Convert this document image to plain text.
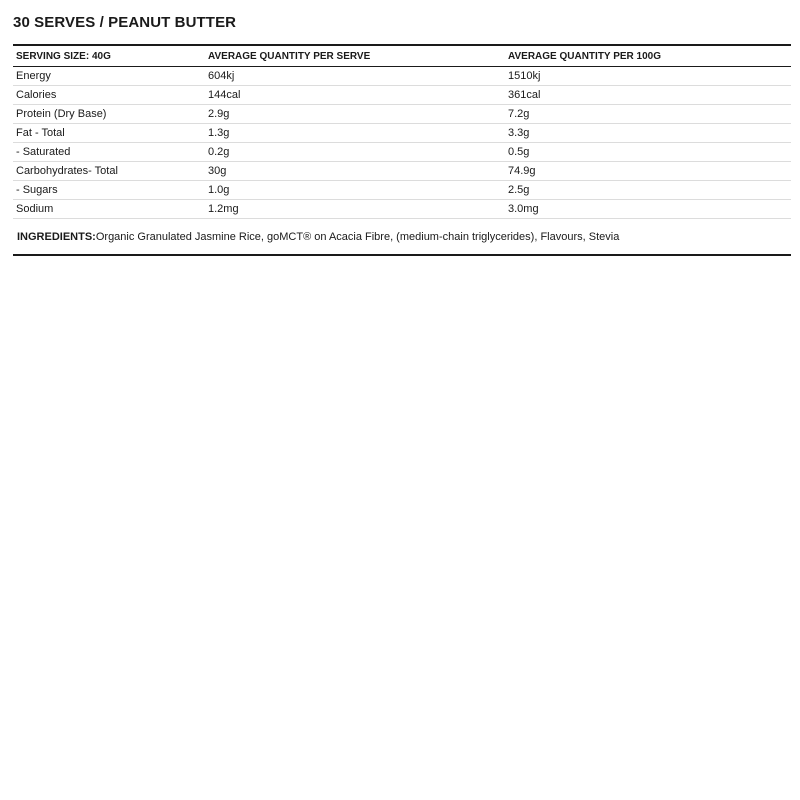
30 SERVES / PEANUT BUTTER
SERVING SIZE: 40G	AVERAGE QUANTITY PER SERVE	AVERAGE QUANTITY PER 100G
Energy	604kj	1510kj
Calories	144cal	361cal
Protein (Dry Base)	2.9g	7.2g
Fat - Total	1.3g	3.3g
- Saturated	0.2g	0.5g
Carbohydrates- Total	30g	74.9g
- Sugars	1.0g	2.5g
Sodium	1.2mg	3.0mg
INGREDIENTS:Organic Granulated Jasmine Rice, goMCT® on Acacia Fibre, (medium-chain triglycerides), Flavours, Stevia
